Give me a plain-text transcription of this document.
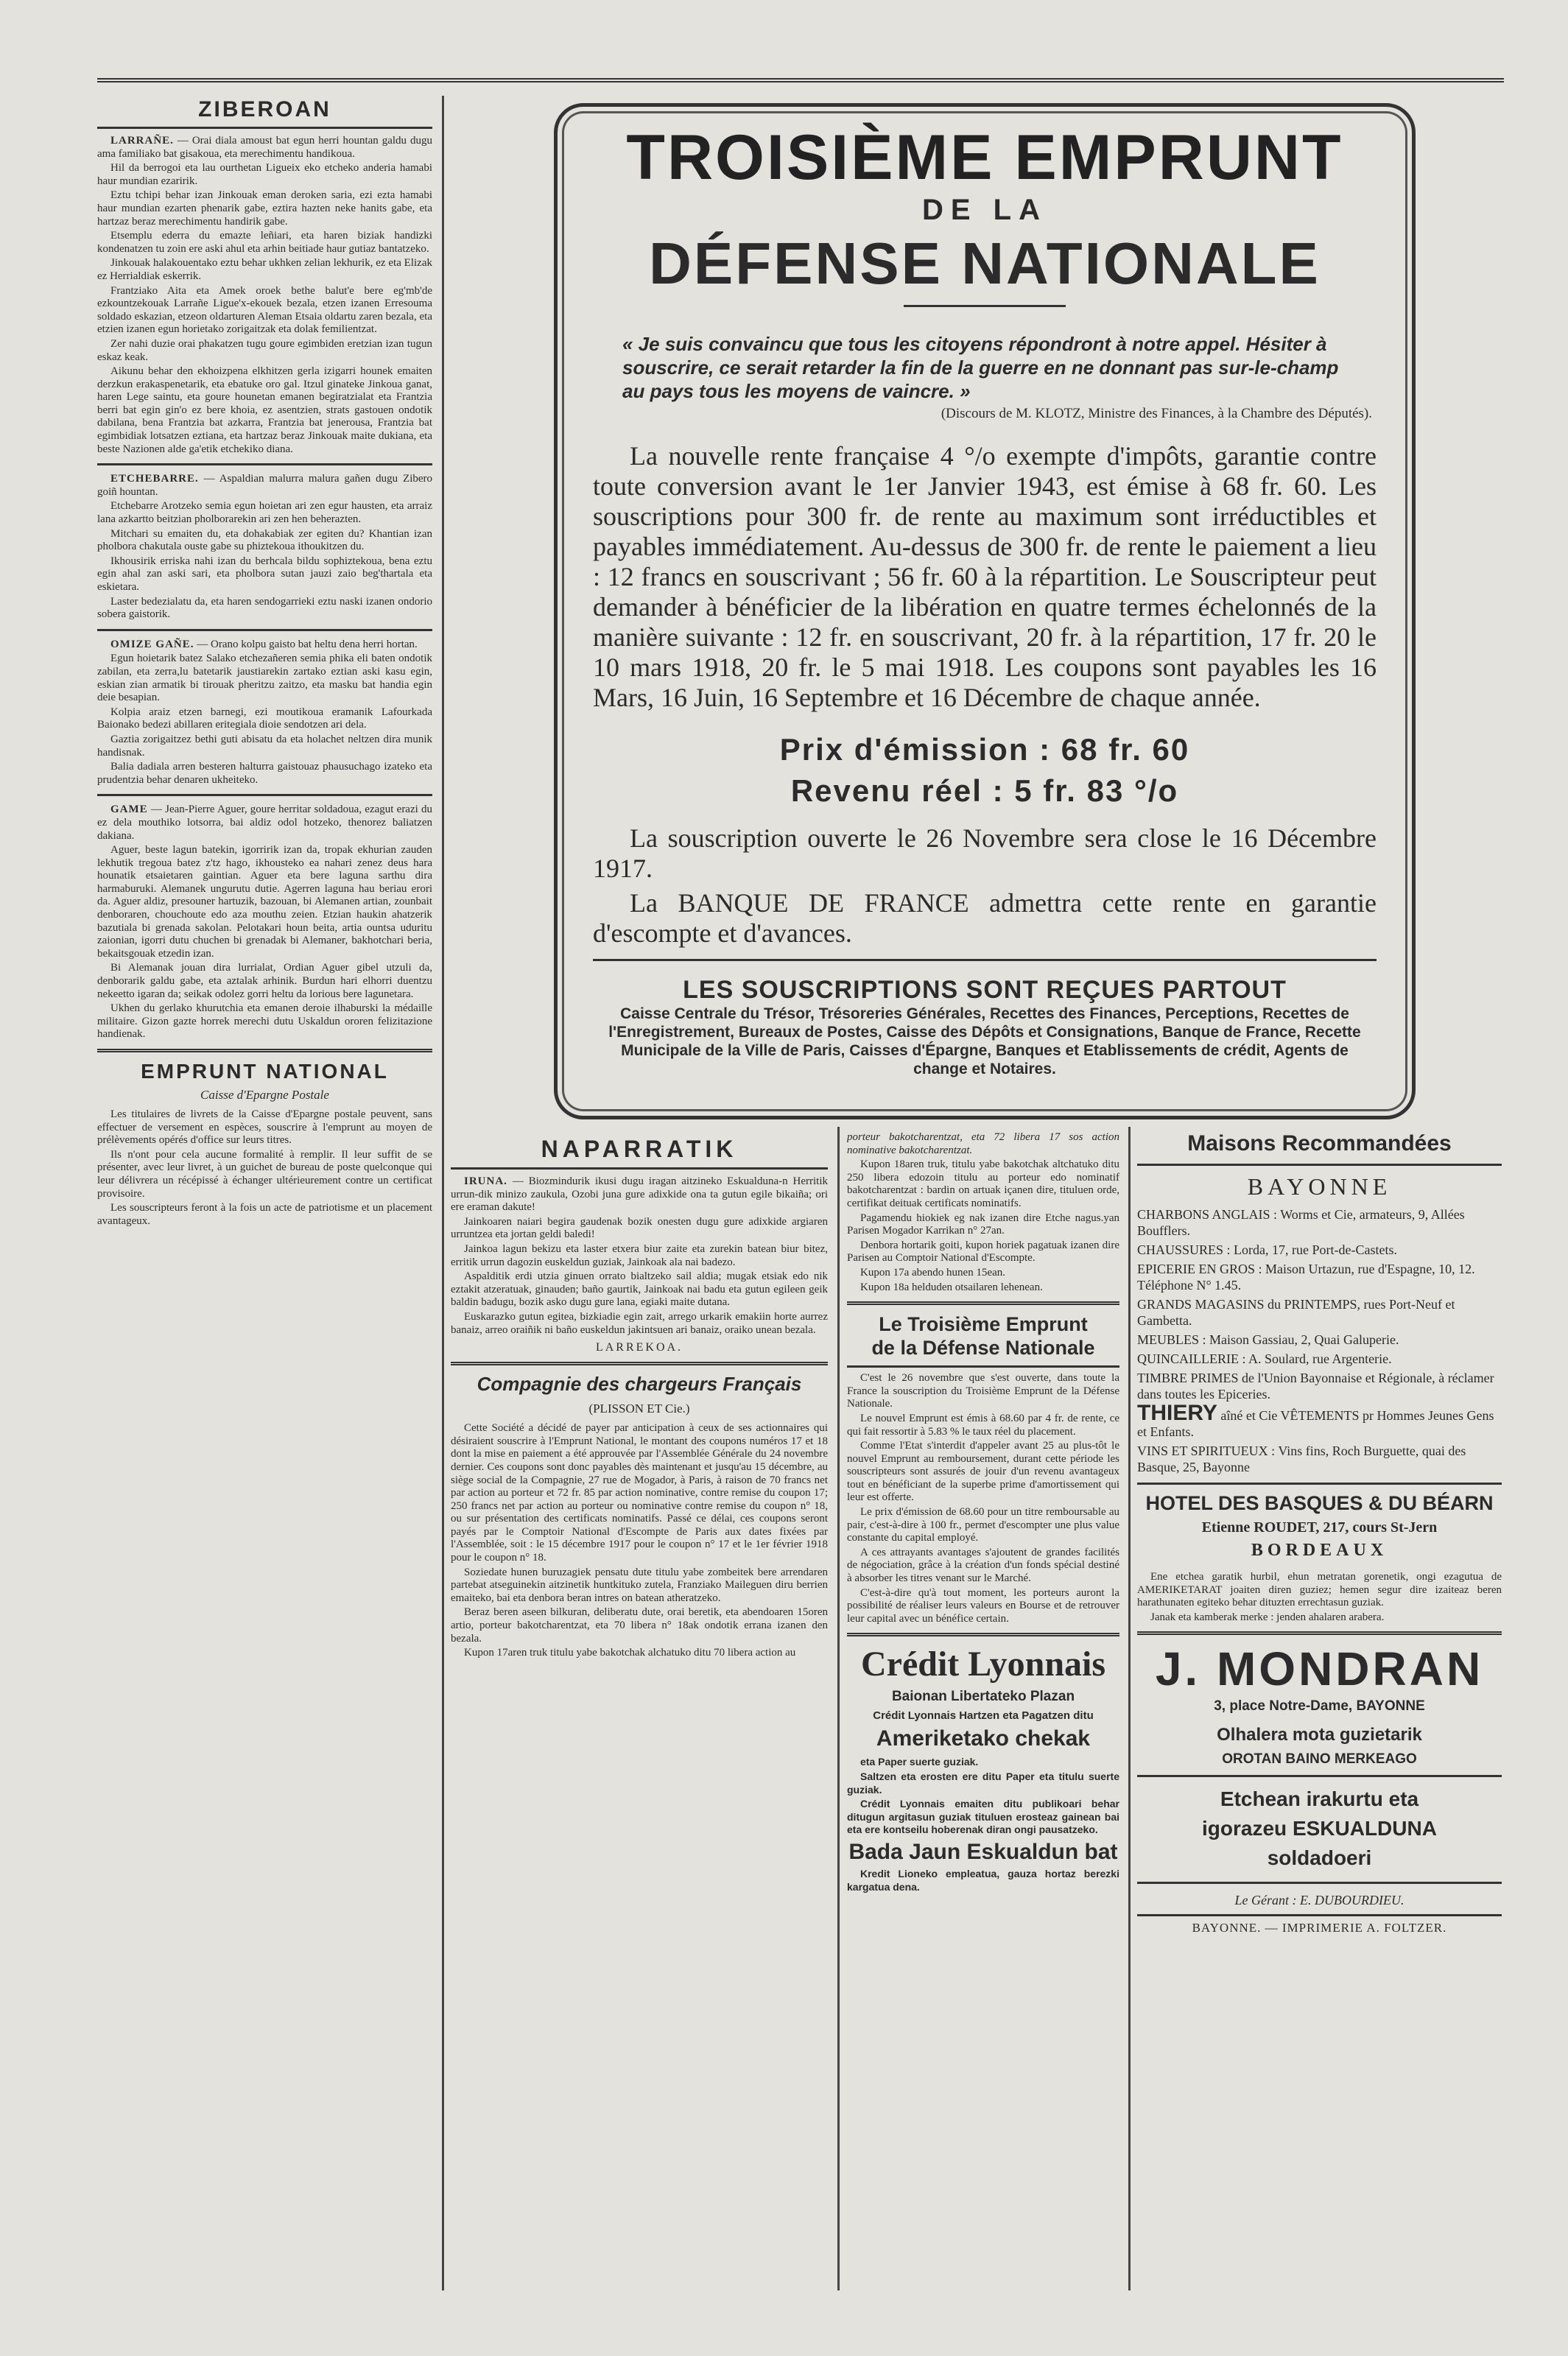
ZIBEROAN

LARRAÑE. — Orai diala amoust bat egun herri hountan galdu dugu ama familiako bat gisakoua, eta merechimentu handikoua.

Hil da berrogoi eta lau ourthetan Ligueix eko etcheko anderia hamabi haur mundian ezaririk.

Eztu tchipi behar izan Jinkouak eman deroken saria, ezi ezta hamabi haur mundian ezarten phenarik gabe, eztira hazten neke hanits gabe, eta hartzaz beraz merechimentu handirik gabe.

Etsemplu ederra du emazte leñiari, eta haren biziak handizki kondenatzen tu zoin ere aski ahul eta arhin beitiade haur gutiaz bantatzeko.

Jinkouak halakouentako eztu behar ukhken zelian lekhurik, ez eta Elizak ez Herrialdiak eskerrik.

Frantziako Aita eta Amek oroek bethe balut'e bere eg'mb'de ezkountzekouak Larrañe Ligue'x-ekouek bezala, etzen izanen Erresouma soldado eskazian, etzeon oldarturen Aleman Etsaia oldartu zaren bezala, eta etzien izanen egun horietako zorigaitzak eta dolak femilientzat.

Zer nahi duzie orai phakatzen tugu goure egimbiden eretzian izan tugun eskaz keak.

Aikunu behar den ekhoizpena elkhitzen gerla izigarri hounek emaiten derzkun erakaspenetarik, eta ebatuke oro gal. Itzul ginateke Jinkoua ganat, haren Lege saintu, eta goure hounetan emanen begiratzialat eta Frantzia berri bat egin gin'o ez bere khoia, ez asentzien, strats gastouen ondotik dabilana, bena Frantzia bat azkarra, Frantzia bat jenerousa, Frantzia bat egimbidiak lotsatzen eztiana, eta hartzaz beraz Jinkouak maite dukiana, eta beste Nazionen alde ga'etik etchekiko diana.

ETCHEBARRE. — Aspaldian malurra malura gañen dugu Zibero goiñ hountan.

Etchebarre Arotzeko semia egun hoietan ari zen egur hausten, eta arraiz lana azkartto beitzian pholborarekin ari zen hen beherazten.

Mitchari su emaiten du, eta dohakabiak zer egiten du? Khantian izan pholbora chakutala ouste gabe su phiztekoua ithoukitzen du.

Ikhousirik erriska nahi izan du berhcala bildu sophiztekoua, bena eztu egin ahal zan aski sari, eta pholbora sutan jauzi zaio beg'thartala eta eskietara.

Laster bedezialatu da, eta haren sendogarrieki eztu naski izanen ondorio sobera gaistorik.

OMIZE GAÑE. — Orano kolpu gaisto bat heltu dena herri hortan.

Egun hoietarik batez Salako etchezañeren semia phika eli baten ondotik zabilan, eta zerra,lu batetarik jaustiarekin zartako eztian aski kasu egin, eskian zian armatik bi tirouak pheritzu zaitzo, eta masku bat handia egin deie besapian.

Kolpia araiz etzen barnegi, ezi moutikoua eramanik Lafourkada Baionako bedezi abillaren eritegiala dioie sendotzen ari dela.

Gaztia zorigaitzez bethi guti abisatu da eta holachet neltzen dira munik handisnak.

Balia dadiala arren besteren halturra gaistouaz phausuchago izateko eta prudentzia behar denaren ukheiteko.

GAME — Jean-Pierre Aguer, goure herritar soldadoua, ezagut erazi du ez dela mouthiko lotsorra, bai aldiz odol hotzeko, thenorez baliatzen dakiana.

Aguer, beste lagun batekin, igorririk izan da, tropak ekhurian zauden lekhutik tregoua batez z'tz hago, ikhousteko ea nahari zenez deus hara hounatik etsaietaren gaintian. Aguer eta bere laguna sarthu dira harmaburuki. Alemanek ungurutu dutie. Agerren laguna hau beriau erori da. Aguer aldiz, presouner hartuzik, bazouan, bi Alemanen artian, zounbait denboraren, chouchoute edo aza mouthu zeien. Etzian haukin ahatzerik bazutiala bi grenada sakolan. Pelotakari houn beita, artia ountsa uduritu zaionian, igorri dutu chuchen bi grenadak bi Alemaner, bakhotchari beria, bekaitsgouak etzedin izan.

Bi Alemanak jouan dira lurrialat, Ordian Aguer gibel utzuli da, denborarik galdu gabe, eta aztalak arhinik. Burdun hari elhorri duentzu nekeetto igaran da; seikak odolez gorri heltu da lorious bere lagunetara.

Ukhen du gerlako khurutchia eta emanen deroie ilhaburski la médaille militaire. Gizon gazte horrek merechi dutu Uskaldun ororen felizitazione handienak.

EMPRUNT NATIONAL
Caisse d'Epargne Postale

Les titulaires de livrets de la Caisse d'Epargne postale peuvent, sans effectuer de versement en espèces, souscrire à l'emprunt au moyen de prélèvements opérés d'office sur leurs titres.

Ils n'ont pour cela aucune formalité à remplir. Il leur suffit de se présenter, avec leur livret, à un guichet de bureau de poste quelconque qui leur délivrera un récépissé à échanger ultérieurement contre un certificat provisoire.

Les souscripteurs feront à la fois un acte de patriotisme et un placement avantageux.

TROISIÈME EMPRUNT
DE LA
DÉFENSE NATIONALE
« Je suis convaincu que tous les citoyens répondront à notre appel. Hésiter à souscrire, ce serait retarder la fin de la guerre en ne donnant pas sur-le-champ au pays tous les moyens de vaincre. »
(Discours de M. KLOTZ, Ministre des Finances, à la Chambre des Députés).
La nouvelle rente française 4 °/o exempte d'impôts, garantie contre toute conversion avant le 1er Janvier 1943, est émise à 68 fr. 60. Les souscriptions pour 300 fr. de rente au maximum sont irréductibles et payables immédiatement. Au-dessus de 300 fr. de rente le paiement a lieu : 12 francs en souscrivant ; 56 fr. 60 à la répartition. Le Souscripteur peut demander à bénéficier de la libération en quatre termes échelonnés de la manière suivante : 12 fr. en souscrivant, 20 fr. à la répartition, 17 fr. 20 le 10 mars 1918, 20 fr. le 5 mai 1918. Les coupons sont payables les 16 Mars, 16 Juin, 16 Septembre et 16 Décembre de chaque année.
Prix d'émission : 68 fr. 60
Revenu réel : 5 fr. 83 °/o
La souscription ouverte le 26 Novembre sera close le 16 Décembre 1917.
La BANQUE DE FRANCE admettra cette rente en garantie d'escompte et d'avances.
LES SOUSCRIPTIONS SONT REÇUES PARTOUT
Caisse Centrale du Trésor, Trésoreries Générales, Recettes des Finances, Perceptions, Recettes de l'Enregistrement, Bureaux de Postes, Caisse des Dépôts et Consignations, Banque de France, Recette Municipale de la Ville de Paris, Caisses d'Épargne, Banques et Etablissements de crédit, Agents de change et Notaires.
NAPARRATIK

IRUNA. — Biozmindurik ikusi dugu iragan aitzineko Eskualduna-n Herritik urrun-dik minizo zaukula, Ozobi juna gure adixkide ona ta gutun egile bikaiña; ori ere eraman dakute!

Jainkoaren naiari begira gaudenak bozik onesten dugu gure adixkide argiaren urruntzea eta jortan geldi baledi!

Jainkoa lagun bekizu eta laster etxera biur zaite eta zurekin batean biur bitez, erritik urrun dagozin euskeldun guziak, Jainkoak ala nai badezo.

Aspalditik erdi utzia ginuen orrato bialtzeko sail aldia; mugak etsiak edo nik eztakit atzeratuak, ginauden; baño gaurtik, Jainkoak nai badu eta gutun egileen geik baldin badugu, bozik asko dugu gure lana, egiaki maite dutana.

Euskarazko gutun egitea, bizkiadie egin zait, arrego urkarik emakiin horte aurrez banaiz, arreo oraiñik ni baño euskeldun jakintsuen ari banaiz, oraiko unean bezala.

LARREKOA.
Compagnie des chargeurs Français
(PLISSON ET Cie.)

Cette Société a décidé de payer par anticipation à ceux de ses actionnaires qui désiraient souscrire à l'Emprunt National, le montant des coupons numéros 17 et 18 dont la mise en paiement a été approuvée par l'Assemblée Générale du 24 novembre dernier. Ces coupons sont donc payables dès maintenant et jusqu'au 15 décembre, au siège social de la Compagnie, 27 rue de Mogador, à Paris, à raison de 70 francs net par action au porteur et 72 fr. 85 par action nominative, contre remise du coupon 17; 250 francs net par action au porteur ou nominative contre remise du coupon n° 18, ou sur présentation des certificats nominatifs. Passé ce délai, ces coupons seront payés par le Comptoir National d'Escompte de Paris aux dates fixées par l'Assemblée, soit : le 15 décembre 1917 pour le coupon n° 17 et le 1er février 1918 pour le coupon n° 18.

Soziedate hunen buruzagiek pensatu dute titulu yabe zombeitek bere arrendaren partebat atseguinekin aitzinetik huntkituko zutela, Franziako Maileguen diru berrien emaiteko, bai eta denbora beran intres on batean atheratzeko.

Beraz beren aseen bilkuran, deliberatu dute, orai beretik, eta abendoaren 15oren artio, porteur bakotcharentzat, eta 70 libera n° 18ak ondotik errana izanen den bezala.

Kupon 17aren truk titulu yabe bakotchak alchatuko ditu 70 libera action au

porteur bakotcharentzat, eta 72 libera 17 sos action nominative bakotcharentzat.

Kupon 18aren truk, titulu yabe bakotchak altchatuko ditu 250 libera edozoin titulu au porteur edo nominatif bakotcharentzat : bardin on artuak içanen dire, tituluen orde, certifikat deituak certificats nominatifs.

Pagamendu hiokiek eg nak izanen dire Etche nagus.yan Parisen Mogador Karrikan n° 27an.

Denbora hortarik goiti, kupon horiek pagatuak izanen dire Parisen au Comptoir National d'Escompte.

Kupon 17a abendo hunen 15ean.

Kupon 18a helduden otsailaren lehenean.

Le Troisième Emprunt
de la Défense Nationale

C'est le 26 novembre que s'est ouverte, dans toute la France la souscription du Troisième Emprunt de la Défense Nationale.

Le nouvel Emprunt est émis à 68.60 par 4 fr. de rente, ce qui fait ressortir à 5.83 % le taux réel du placement.

Comme l'Etat s'interdit d'appeler avant 25 au plus-tôt le nouvel Emprunt au remboursement, durant cette période les souscripteurs sont assurés de jouir d'un revenu avantageux tout en bénéficiant de la superbe prime d'amortissement qui leur est offerte.

Le prix d'émission de 68.60 pour un titre remboursable au pair, c'est-à-dire à 100 fr., permet d'escompter une plus value constante du capital employé.

A ces attrayants avantages s'ajoutent de grandes facilités de négociation, grâce à la création d'un fonds spécial destiné à absorber les titres venant sur le Marché.

C'est-à-dire qu'à tout moment, les porteurs auront la possibilité de réaliser leurs valeurs en Bourse et de retrouver leur capital avec un bénéfice certain.

Crédit Lyonnais
Baionan Libertateko Plazan
Crédit Lyonnais Hartzen eta Pagatzen ditu
Ameriketako chekak

eta Paper suerte guziak.

Saltzen eta erosten ere ditu Paper eta titulu suerte guziak.

Crédit Lyonnais emaiten ditu publikoari behar ditugun argitasun guziak tituluen erosteaz gainean bai eta ere kontseilu hoberenak diran ongi pausatzeko.

Bada Jaun Eskualdun bat

Kredit Lioneko empleatua, gauza hortaz berezki kargatua dena.

Maisons Recommandées
BAYONNE
CHARBONS ANGLAIS : Worms et Cie, armateurs, 9, Allées Boufflers.
CHAUSSURES : Lorda, 17, rue Port-de-Castets.
EPICERIE EN GROS : Maison Urtazun, rue d'Espagne, 10, 12. Téléphone N° 1.45.
GRANDS MAGASINS du PRINTEMPS, rues Port-Neuf et Gambetta.
MEUBLES : Maison Gassiau, 2, Quai Galuperie.
QUINCAILLERIE : A. Soulard, rue Argenterie.
TIMBRE PRIMES de l'Union Bayonnaise et Régionale, à réclamer dans toutes les Epiceries.
THIERY aîné et Cie VÊTEMENTS pr Hommes Jeunes Gens et Enfants.
VINS ET SPIRITUEUX : Vins fins, Roch Burguette, quai des Basque, 25, Bayonne
HOTEL DES BASQUES & DU BÉARN
Etienne ROUDET, 217, cours St-Jern
BORDEAUX

Ene etchea garatik hurbil, ehun metratan gorenetik, ongi ezagutua de AMERIKETARAT joaiten diren guziez; hemen segur dire izaiteaz beren harathunaten egiteko behar dituzten errechtasun guziak.

Janak eta kamberak merke : jenden ahalaren arabera.

J. MONDRAN
3, place Notre-Dame, BAYONNE
Olhalera mota guzietarik
OROTAN BAINO MERKEAGO
Etchean irakurtu eta
igorazeu ESKUALDUNA
soldadoeri
Le Gérant : E. DUBOURDIEU.
BAYONNE. — IMPRIMERIE A. FOLTZER.
